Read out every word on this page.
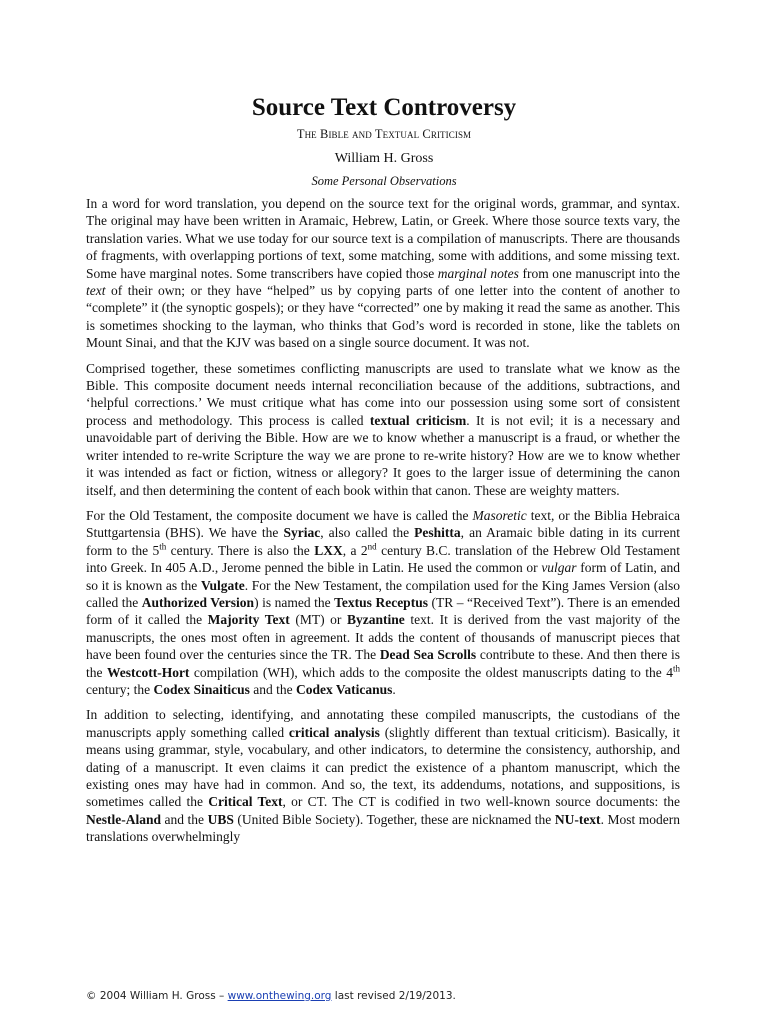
Source Text Controversy
The Bible and Textual Criticism
William H. Gross
Some Personal Observations

In a word for word translation, you depend on the source text for the original words, grammar, and syntax. The original may have been written in Aramaic, Hebrew, Latin, or Greek. Where those source texts vary, the translation varies. What we use today for our source text is a compilation of manuscripts. There are thousands of fragments, with overlapping portions of text, some matching, some with additions, and some missing text. Some have marginal notes. Some transcribers have copied those marginal notes from one manuscript into the text of their own; or they have “helped” us by copying parts of one letter into the content of another to “complete” it (the synoptic gospels); or they have “corrected” one by making it read the same as another. This is sometimes shocking to the layman, who thinks that God’s word is recorded in stone, like the tablets on Mount Sinai, and that the KJV was based on a single source document. It was not.

Comprised together, these sometimes conflicting manuscripts are used to translate what we know as the Bible. This composite document needs internal reconciliation because of the additions, subtractions, and ‘helpful corrections.’ We must critique what has come into our possession using some sort of consistent process and methodology. This process is called textual criticism. It is not evil; it is a necessary and unavoidable part of deriving the Bible. How are we to know whether a manuscript is a fraud, or whether the writer intended to re-write Scripture the way we are prone to re-write history? How are we to know whether it was intended as fact or fiction, witness or allegory? It goes to the larger issue of determining the canon itself, and then determining the content of each book within that canon. These are weighty matters.

For the Old Testament, the composite document we have is called the Masoretic text, or the Biblia Hebraica Stuttgartensia (BHS). We have the Syriac, also called the Peshitta, an Aramaic bible dating in its current form to the 5th century. There is also the LXX, a 2nd century B.C. translation of the Hebrew Old Testament into Greek. In 405 A.D., Jerome penned the bible in Latin. He used the common or vulgar form of Latin, and so it is known as the Vulgate. For the New Testament, the compilation used for the King James Version (also called the Authorized Version) is named the Textus Receptus (TR – “Received Text”). There is an emended form of it called the Majority Text (MT) or Byzantine text. It is derived from the vast majority of the manuscripts, the ones most often in agreement. It adds the content of thousands of manuscript pieces that have been found over the centuries since the TR. The Dead Sea Scrolls contribute to these. And then there is the Westcott-Hort compilation (WH), which adds to the composite the oldest manuscripts dating to the 4th century; the Codex Sinaiticus and the Codex Vaticanus.

In addition to selecting, identifying, and annotating these compiled manuscripts, the custodians of the manuscripts apply something called critical analysis (slightly different than textual criticism). Basically, it means using grammar, style, vocabulary, and other indicators, to determine the consistency, authorship, and dating of a manuscript. It even claims it can predict the existence of a phantom manuscript, which the existing ones may have had in common. And so, the text, its addendums, notations, and suppositions, is sometimes called the Critical Text, or CT. The CT is codified in two well-known source documents: the Nestle-Aland and the UBS (United Bible Society). Together, these are nicknamed the NU-text. Most modern translations overwhelmingly

© 2004 William H. Gross – www.onthewing.org last revised 2/19/2013.
